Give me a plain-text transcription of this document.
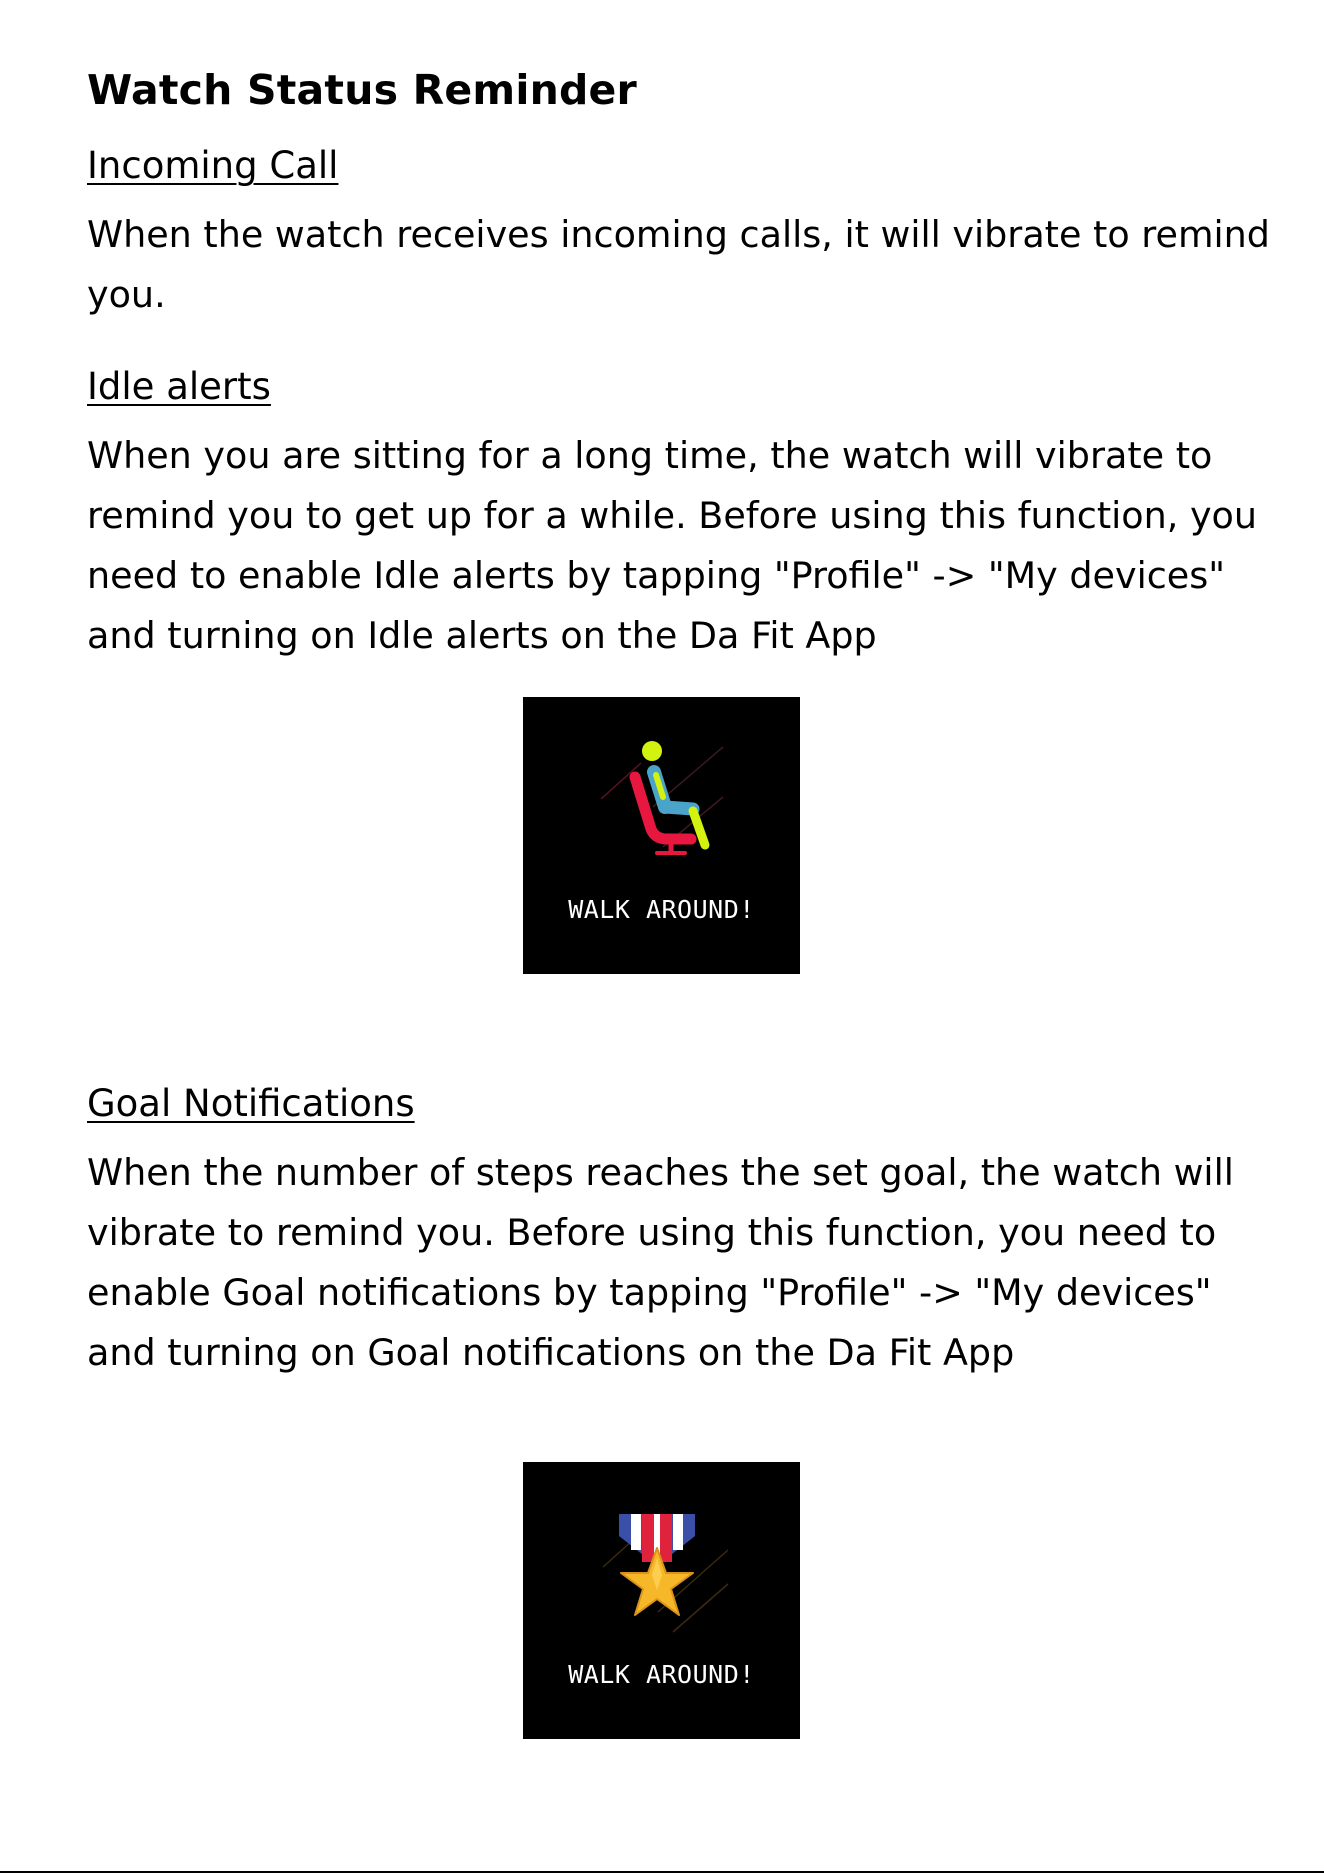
Watch Status Reminder
Incoming Call

When the watch receives incoming calls, it will vibrate to remind you.

Idle alerts

When you are sitting for a long time, the watch will vibrate to remind you to get up for a while. Before using this function, you need to enable Idle alerts by tapping "Profile" -> "My devices" and turning on Idle alerts on the Da Fit App

WALK AROUND!
Goal Notifications

When the number of steps reaches the set goal, the watch will vibrate to remind you. Before using this function, you need to enable Goal notifications by tapping "Profile" -> "My devices" and turning on Goal notifications on the Da Fit App

WALK AROUND!
